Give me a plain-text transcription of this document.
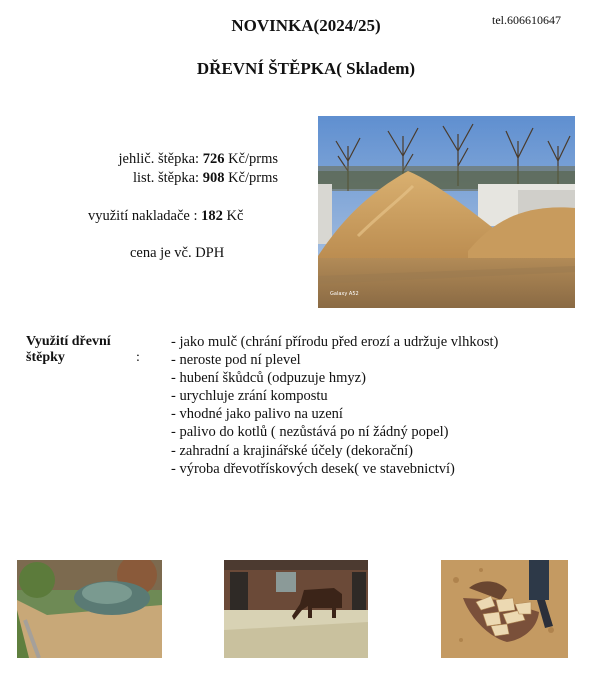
tel.606610647
NOVINKA(2024/25)
DŘEVNÍ ŠTĚPKA( Skladem)
jehlič. štěpka: 726 Kč/prms
list. štěpka: 908 Kč/prms
využití nakladače : 182 Kč
cena je vč. DPH
Galaxy A52
Využití dřevní štěpky	:
- jako mulč (chrání přírodu před erozí a udržuje vlhkost)
- neroste pod ní plevel
- hubení škůdců (odpuzuje hmyz)
- urychluje zrání kompostu
- vhodné jako palivo na uzení
- palivo do kotlů ( nezůstává po ní žádný popel)
- zahradní a krajinářské účely (dekorační)
- výroba dřevotřískových desek( ve stavebnictví)
